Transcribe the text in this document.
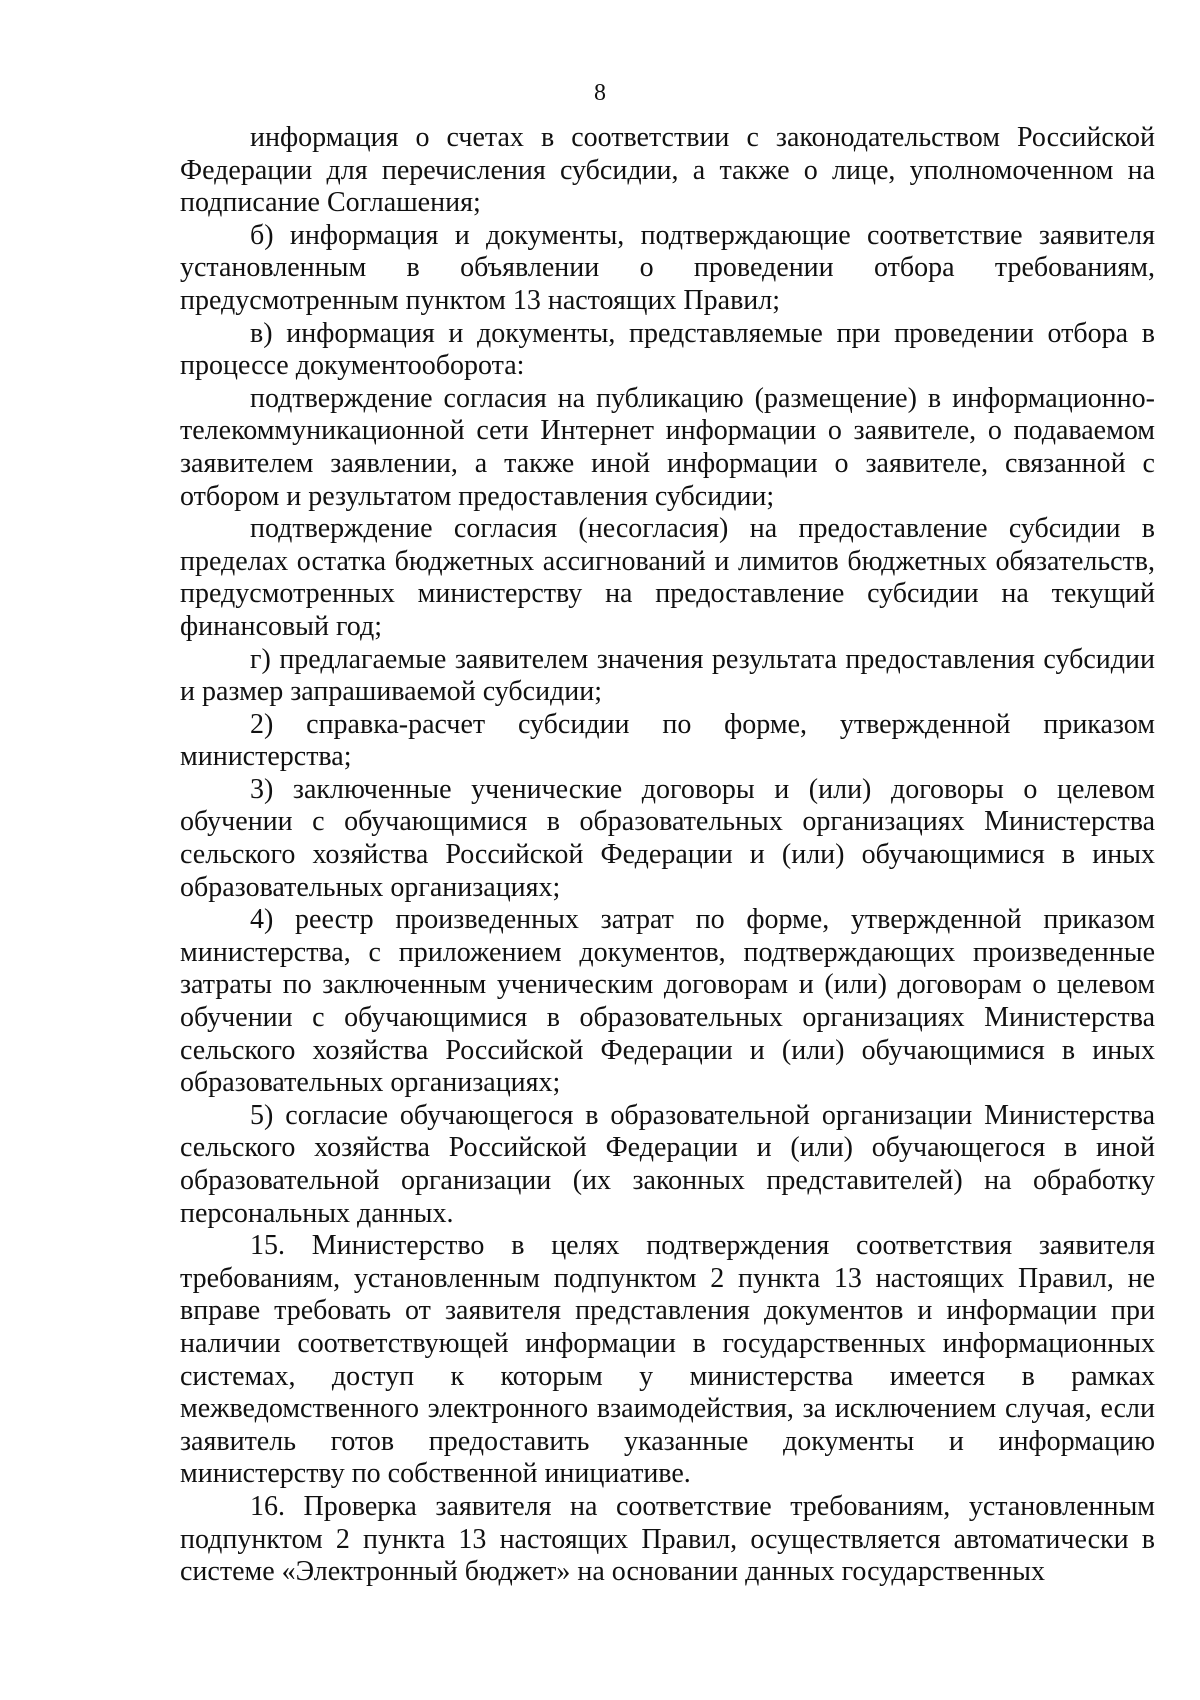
8

информация о счетах в соответствии с законодательством Российской Федерации для перечисления субсидии, а также о лице, уполномоченном на подписание Соглашения;

б) информация и документы, подтверждающие соответствие заявителя установленным в объявлении о проведении отбора требованиям, предусмотренным пунктом 13 настоящих Правил;

в) информация и документы, представляемые при проведении отбора в процессе документооборота:

подтверждение согласия на публикацию (размещение) в информационно-телекоммуникационной сети Интернет информации о заявителе, о подаваемом заявителем заявлении, а также иной информации о заявителе, связанной с отбором и результатом предоставления субсидии;

подтверждение согласия (несогласия) на предоставление субсидии в пределах остатка бюджетных ассигнований и лимитов бюджетных обязательств, предусмотренных министерству на предоставление субсидии на текущий финансовый год;

г) предлагаемые заявителем значения результата предоставления субсидии и размер запрашиваемой субсидии;

2) справка-расчет субсидии по форме, утвержденной приказом министерства;

3) заключенные ученические договоры и (или) договоры о целевом обучении с обучающимися в образовательных организациях Министерства сельского хозяйства Российской Федерации и (или) обучающимися в иных образовательных организациях;

4) реестр произведенных затрат по форме, утвержденной приказом министерства, с приложением документов, подтверждающих произведенные затраты по заключенным ученическим договорам и (или) договорам о целевом обучении с обучающимися в образовательных организациях Министерства сельского хозяйства Российской Федерации и (или) обучающимися в иных образовательных организациях;

5) согласие обучающегося в образовательной организации Министерства сельского хозяйства Российской Федерации и (или) обучающегося в иной образовательной организации (их законных представителей) на обработку персональных данных.

15. Министерство в целях подтверждения соответствия заявителя требованиям, установленным подпунктом 2 пункта 13 настоящих Правил, не вправе требовать от заявителя представления документов и информации при наличии соответствующей информации в государственных информационных системах, доступ к которым у министерства имеется в рамках межведомственного электронного взаимодействия, за исключением случая, если заявитель готов предоставить указанные документы и информацию министерству по собственной инициативе.

16. Проверка заявителя на соответствие требованиям, установленным подпунктом 2 пункта 13 настоящих Правил, осуществляется автоматически в системе «Электронный бюджет» на основании данных государственных
